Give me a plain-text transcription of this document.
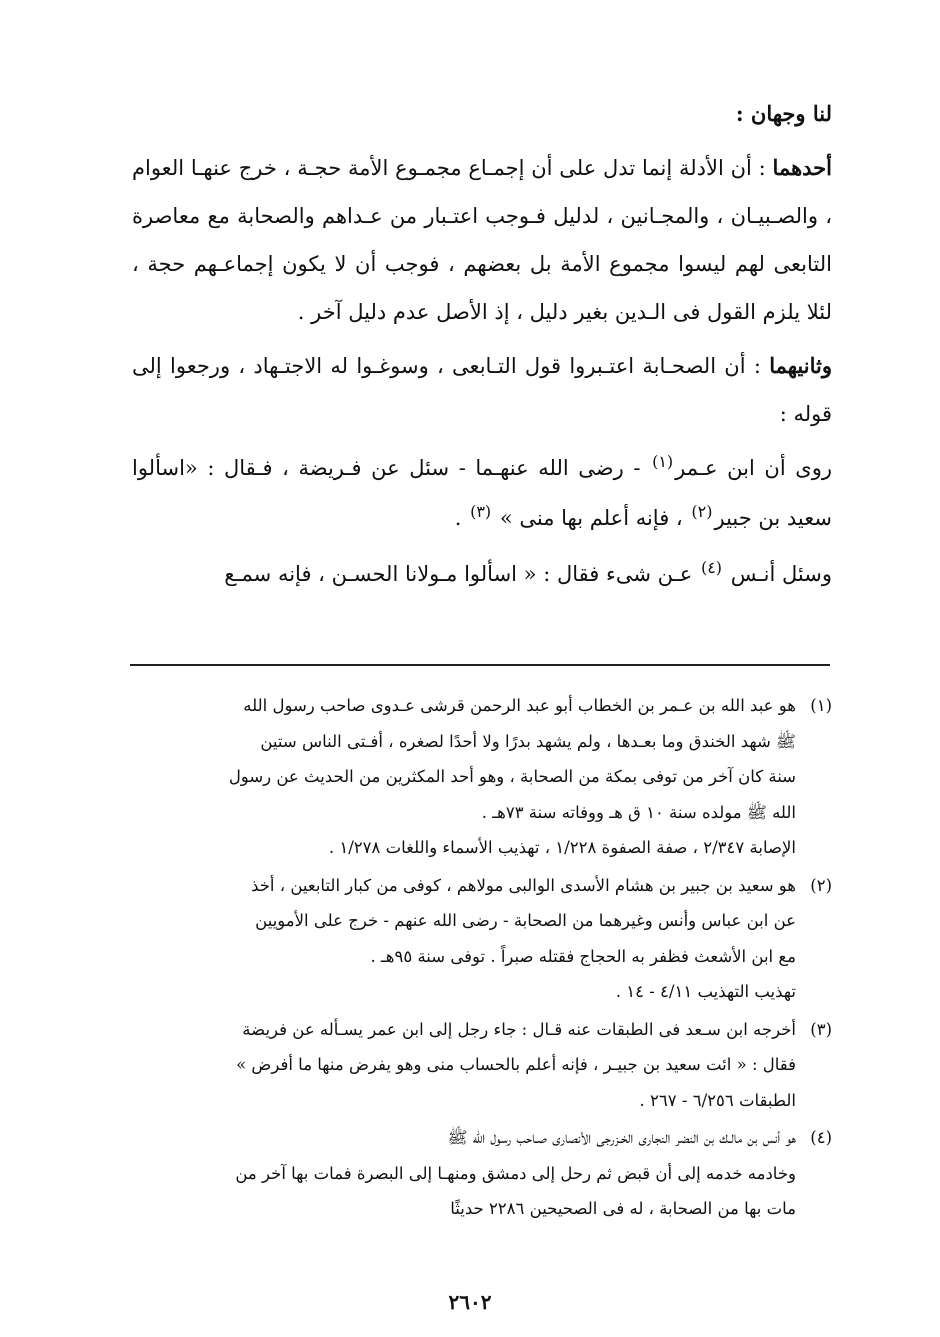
لنا وجهان :

أحدهما : أن الأدلة إنما تدل على أن إجمـاع مجمـوع الأمة حجـة ، خرج عنهـا العوام ، والصـبيـان ، والمجـانين ، لدليل فـوجب اعتـبار من عـداهم والصحابة مع معاصرة التابعى لهم ليسوا مجموع الأمة بل بعضهم ، فوجب أن لا يكون إجماعـهم حجة ، لئلا يلزم القول فى الـدين بغير دليل ، إذ الأصل عدم دليل آخر .

وثانيهما : أن الصحـابة اعتـبروا قول التـابعى ، وسوغـوا له الاجتـهاد ، ورجعوا إلى قوله :

روى أن ابن عـمر$^{(١)}$ - رضى الله عنهـما - سئل عن فـريضة ، فـقال : «اسألوا سعيد بن جبير$^{(٢)}$ ، فإنه أعلم بها منى » $^{(٣)}$ .

وسئل أنـس $^{(٤)}$ عـن شىء فقال : « اسألوا مـولانا الحسـن ، فإنه سمـع

(١)هو عبد الله بن عـمر بن الخطاب أبو عبد الرحمن قرشى عـدوى صاحب رسول الله
ﷺ شهد الخندق وما بعـدها ، ولم يشهد بدرًا ولا أحدًا لصغره ، أفـتى الناس ستين
سنة كان آخر من توفى بمكة من الصحابة ، وهو أحد المكثرين من الحديث عن رسول
الله ﷺ مولده سنة ١٠ ق هـ ووفاته سنة ٧٣هـ .
الإصابة ٢/٣٤٧ ، صفة الصفوة ١/٢٢٨ ، تهذيب الأسماء واللغات ١/٢٧٨ .
(٢)هو سعيد بن جبير بن هشام الأسدى الوالبى مولاهم ، كوفى من كبار التابعين ، أخذ
عن ابن عباس وأنس وغيرهما من الصحابة - رضى الله عنهم - خرج على الأمويين
مع ابن الأشعث فظفر به الحجاج فقتله صبراً . توفى سنة ٩٥هـ .
تهذيب التهذيب ٤/١١ - ١٤ .
(٣)أخرجه ابن سـعد فى الطبقات عنه قـال : جاء رجل إلى ابن عمر يسـأله عن فريضة
فقال : « ائت سعيد بن جبيـر ، فإنه أعلم بالحساب منى وهو يفرض منها ما أفرض »
الطبقات ٦/٢٥٦ - ٢٦٧ .
(٤)هو أنس بن مالـك بن النضر النجارى الخـزرجى الأنصارى صـاحب رسول الله ﷺ
وخادمه خدمه إلى أن قبض ثم رحل إلى دمشق ومنهـا إلى البصرة فمات بها آخر من
مات بها من الصحابة ، له فى الصحيحين ٢٢٨٦ حديثًا
٢٦٠٢
